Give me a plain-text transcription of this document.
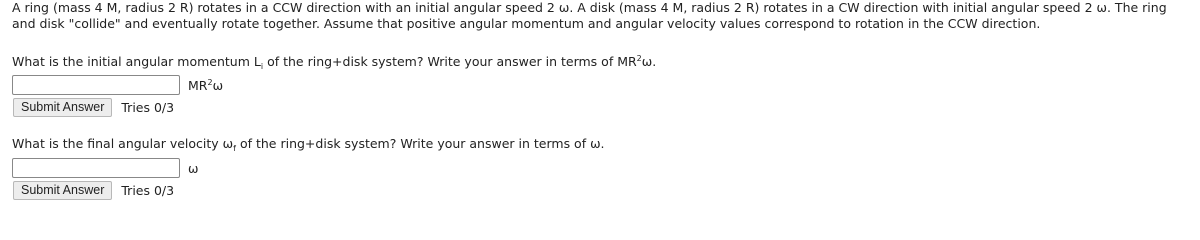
A ring (mass 4 M, radius 2 R) rotates in a CCW direction with an initial angular speed 2 ω. A disk (mass 4 M, radius 2 R) rotates in a CW direction with initial angular speed 2 ω. The ring
and disk "collide" and eventually rotate together. Assume that positive angular momentum and angular velocity values correspond to rotation in the CCW direction.
What is the initial angular momentum $L_i$ of the ring+disk system? Write your answer in terms of $MR^2\omega$.
$MR^2\omega$
Submit Answer	Tries 0/3
What is the final angular velocity $\omega_f$ of the ring+disk system? Write your answer in terms of ω.
ω
Submit Answer	Tries 0/3
